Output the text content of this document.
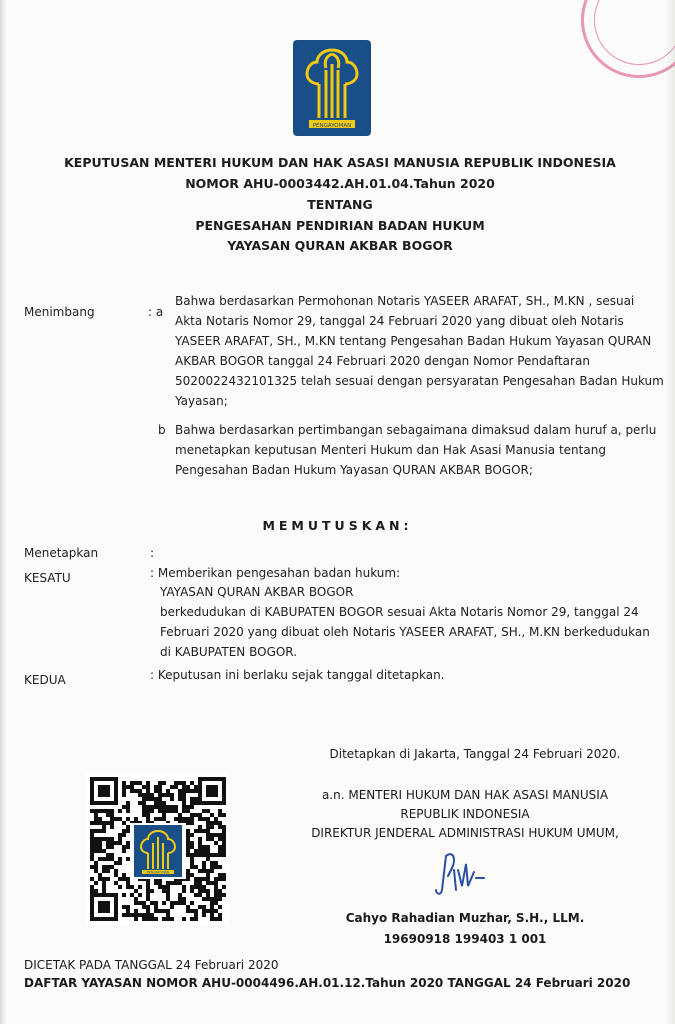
PENGAYOMAN
KEPUTUSAN MENTERI HUKUM DAN HAK ASASI MANUSIA REPUBLIK INDONESIA
NOMOR AHU-0003442.AH.01.04.Tahun 2020
TENTANG
PENGESAHAN PENDIRIAN BADAN HUKUM
YAYASAN QURAN AKBAR BOGOR
Menimbang	: a
Bahwa berdasarkan Permohonan Notaris YASEER ARAFAT, SH., M.KN , sesuai
Akta Notaris Nomor 29, tanggal 24 Februari 2020 yang dibuat oleh Notaris
YASEER ARAFAT, SH., M.KN tentang Pengesahan Badan Hukum Yayasan QURAN
AKBAR BOGOR tanggal 24 Februari 2020 dengan Nomor Pendaftaran
5020022432101325 telah sesuai dengan persyaratan Pengesahan Badan Hukum
Yayasan;
b Bahwa berdasarkan pertimbangan sebagaimana dimaksud dalam huruf a, perlu
menetapkan keputusan Menteri Hukum dan Hak Asasi Manusia tentang
Pengesahan Badan Hukum Yayasan QURAN AKBAR BOGOR;
MEMUTUSKAN:
Menetapkan	:
KESATU	: Memberikan pengesahan badan hukum:
YAYASAN QURAN AKBAR BOGOR
berkedudukan di KABUPATEN BOGOR sesuai Akta Notaris Nomor 29, tanggal 24
Februari 2020 yang dibuat oleh Notaris YASEER ARAFAT, SH., M.KN berkedudukan
di KABUPATEN BOGOR.
KEDUA	: Keputusan ini berlaku sejak tanggal ditetapkan.
Ditetapkan di Jakarta, Tanggal 24 Februari 2020.
a.n. MENTERI HUKUM DAN HAK ASASI MANUSIA
REPUBLIK INDONESIA
DIREKTUR JENDERAL ADMINISTRASI HUKUM UMUM,
Cahyo Rahadian Muzhar, S.H., LLM.
19690918 199403 1 001
PENGAYOMAN
DICETAK PADA TANGGAL 24 Februari 2020
DAFTAR YAYASAN NOMOR AHU-0004496.AH.01.12.Tahun 2020 TANGGAL 24 Februari 2020
